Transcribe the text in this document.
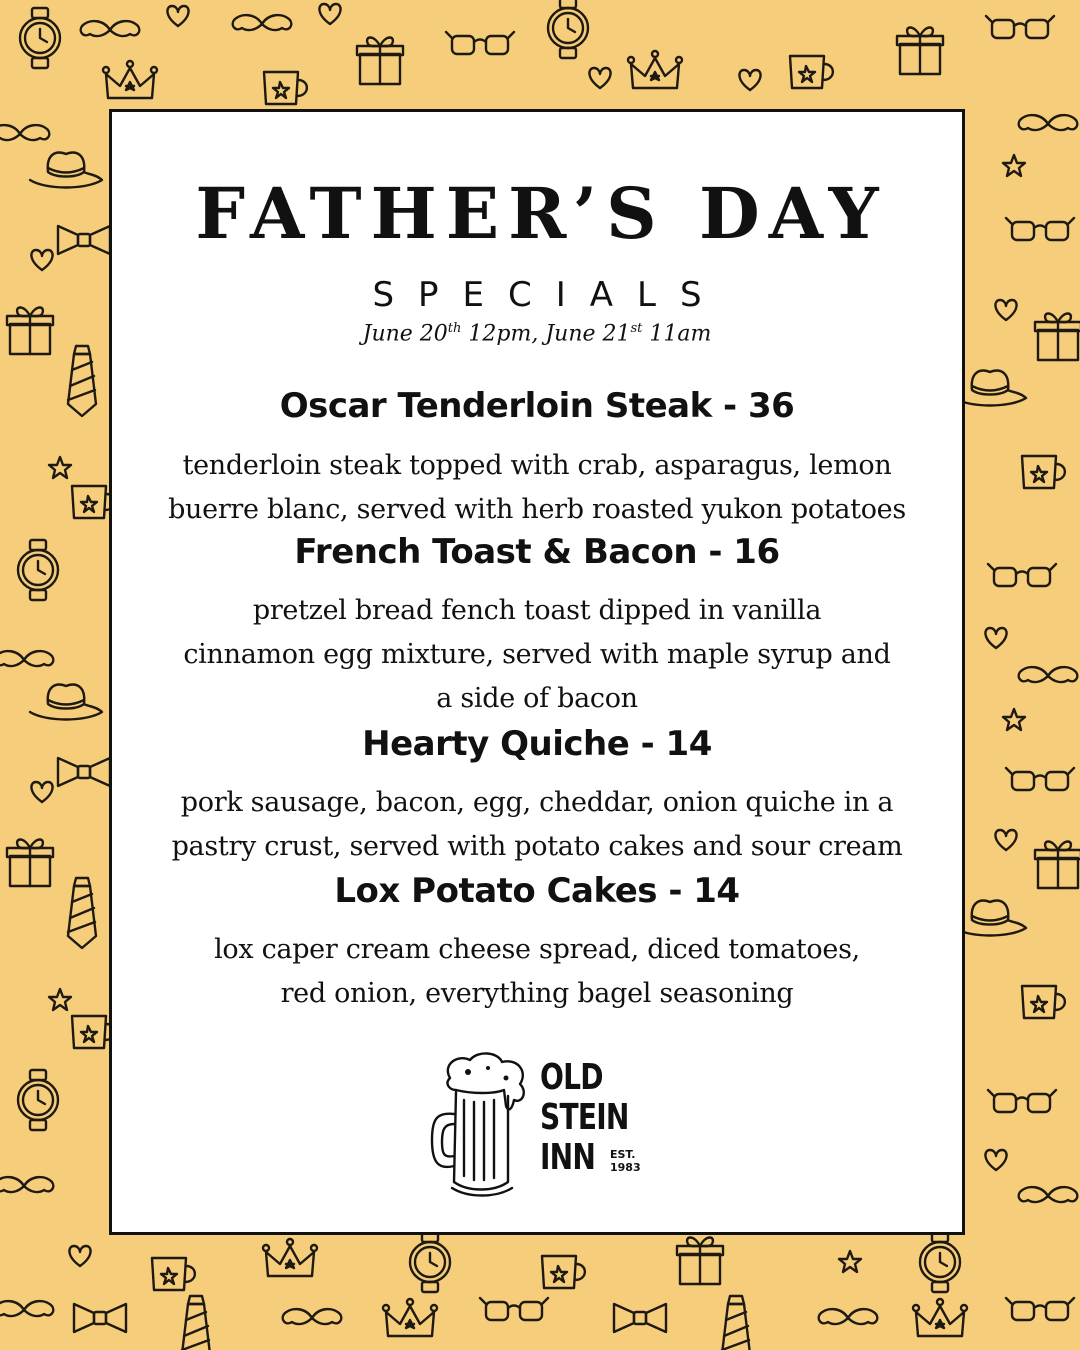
FATHER’S DAY
SPECIALS
June 20th 12pm, June 21st 11am
Oscar Tenderloin Steak - 36
tenderloin steak topped with crab, asparagus, lemon
buerre blanc, served with herb roasted yukon potatoes
French Toast & Bacon - 16
pretzel bread fench toast dipped in vanilla
cinnamon egg mixture, served with maple syrup and
a side of bacon
Hearty Quiche - 14
pork sausage, bacon, egg, cheddar, onion quiche in a
pastry crust, served with potato cakes and sour cream
Lox Potato Cakes - 14
lox caper cream cheese spread, diced tomatoes,
red onion, everything bagel seasoning
OLD
STEIN
INN	EST.
1983
